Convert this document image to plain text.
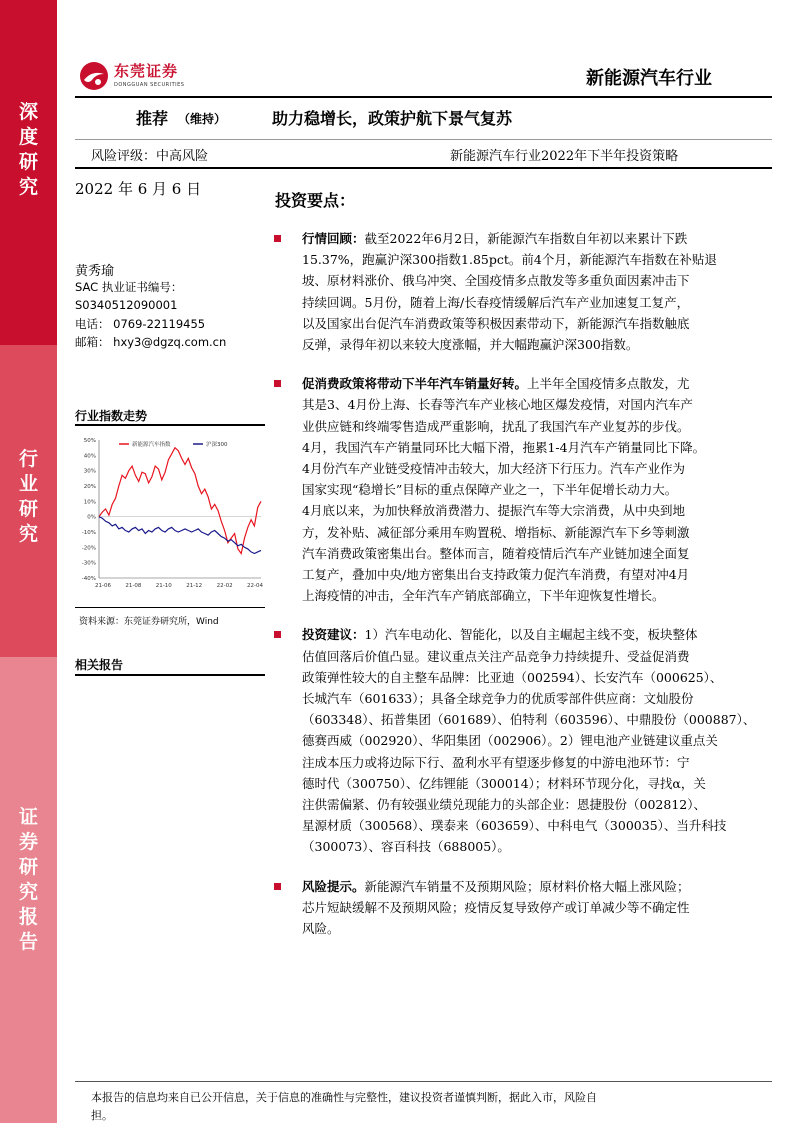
深
度
研
究
行
业
研
究
证
券
研
究
报
告
东莞证券
DONGGUAN SECURITIES	新能源汽车行业
推荐 （维持）	助力稳增长，政策护航下景气复苏
风险评级：中高风险	新能源汽车行业2022年下半年投资策略
2022 年 6 月 6 日
黄秀瑜
SAC 执业证书编号：
S0340512090001
电话： 0769-22119455
邮箱： hxy3@dgzq.com.cn
行业指数走势
50%
40%
30%
20%
10%
0%
-10%
-20%
-30%
-40%
21-06	21-08	21-10	21-12	22-02	22-04
新能源汽车指数	沪深300
资料来源：东莞证券研究所，Wind
相关报告
投资要点：
行情回顾：截至2022年6月2日，新能源汽车指数自年初以来累计下跌
15.37%，跑赢沪深300指数1.85pct。前4个月，新能源汽车指数在补贴退
坡、原材料涨价、俄乌冲突、全国疫情多点散发等多重负面因素冲击下
持续回调。5月份，随着上海/长春疫情缓解后汽车产业加速复工复产，
以及国家出台促汽车消费政策等积极因素带动下，新能源汽车指数触底
反弹，录得年初以来较大度涨幅，并大幅跑赢沪深300指数。
促消费政策将带动下半年汽车销量好转。上半年全国疫情多点散发，尤
其是3、4月份上海、长春等汽车产业核心地区爆发疫情，对国内汽车产
业供应链和终端零售造成严重影响，扰乱了我国汽车产业复苏的步伐。
4月，我国汽车产销量同环比大幅下滑，拖累1-4月汽车产销量同比下降。
4月份汽车产业链受疫情冲击较大，加大经济下行压力。汽车产业作为
国家实现“稳增长”目标的重点保障产业之一，下半年促增长动力大。
4月底以来，为加快释放消费潜力、提振汽车等大宗消费，从中央到地
方，发补贴、减征部分乘用车购置税、增指标、新能源汽车下乡等刺激
汽车消费政策密集出台。整体而言，随着疫情后汽车产业链加速全面复
工复产，叠加中央/地方密集出台支持政策力促汽车消费，有望对冲4月
上海疫情的冲击，全年汽车产销底部确立，下半年迎恢复性增长。
投资建议：1）汽车电动化、智能化，以及自主崛起主线不变，板块整体
估值回落后价值凸显。建议重点关注产品竞争力持续提升、受益促消费
政策弹性较大的自主整车品牌：比亚迪（002594）、长安汽车（000625）、
长城汽车（601633）；具备全球竞争力的优质零部件供应商：文灿股份
（603348）、拓普集团（601689）、伯特利（603596）、中鼎股份（000887）、
德赛西威（002920）、华阳集团（002906）。2）锂电池产业链建议重点关
注成本压力或将边际下行、盈利水平有望逐步修复的中游电池环节：宁
德时代（300750）、亿纬锂能（300014）；材料环节现分化，寻找α，关
注供需偏紧、仍有较强业绩兑现能力的头部企业：恩捷股份（002812）、
星源材质（300568）、璞泰来（603659）、中科电气（300035）、当升科技
（300073）、容百科技（688005）。
风险提示。新能源汽车销量不及预期风险；原材料价格大幅上涨风险；
芯片短缺缓解不及预期风险；疫情反复导致停产或订单减少等不确定性
风险。
本报告的信息均来自已公开信息，关于信息的准确性与完整性，建议投资者谨慎判断，据此入市，风险自
担。
